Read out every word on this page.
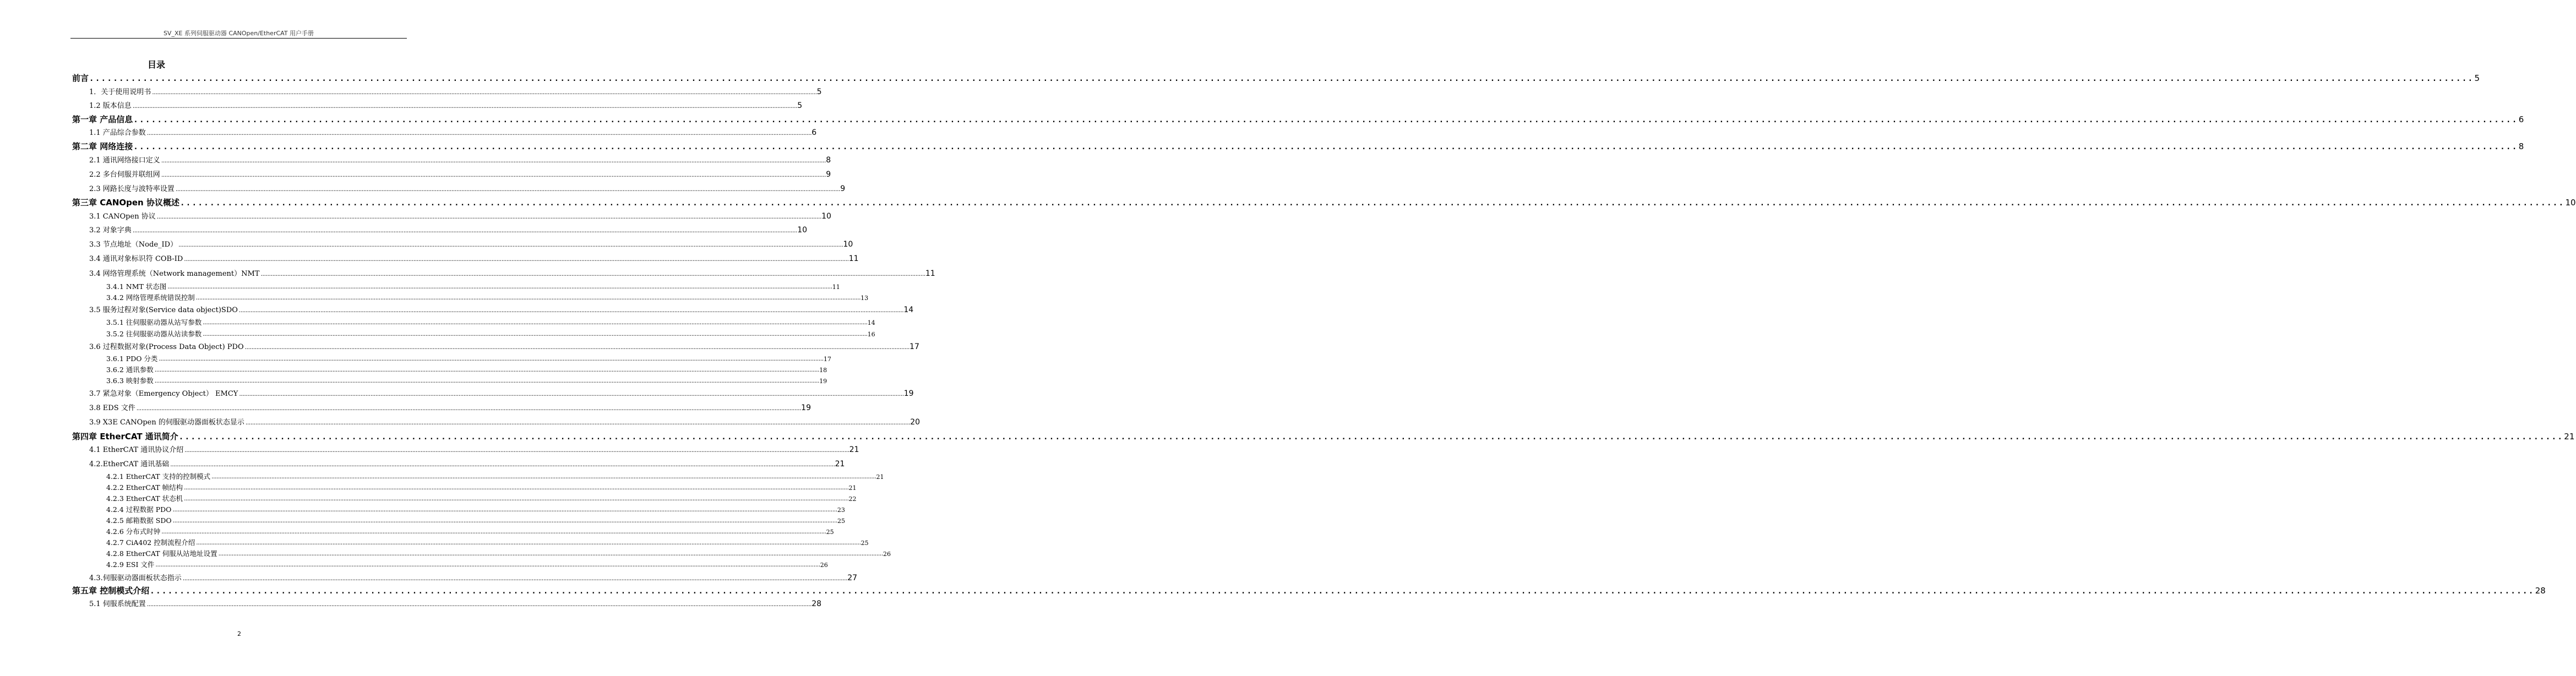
SV_XE 系列伺服驱动器 CANOpen/EtherCAT 用户手册
目录
前言 ................................................................................................................................................................................................................................................................................................................................................................................................................ 5
1．关于使用说明书 ................................................................................................................................................................................................................................................................................................................................................................................................................ 5
1.2 版本信息 ................................................................................................................................................................................................................................................................................................................................................................................................................ 5
第一章 产品信息 ................................................................................................................................................................................................................................................................................................................................................................................................................ 6
1.1 产品综合参数 ................................................................................................................................................................................................................................................................................................................................................................................................................ 6
第二章 网络连接 ................................................................................................................................................................................................................................................................................................................................................................................................................ 8
2.1 通讯网络接口定义 ................................................................................................................................................................................................................................................................................................................................................................................................................ 8
2.2 多台伺服并联组网 ................................................................................................................................................................................................................................................................................................................................................................................................................ 9
2.3 网路长度与波特率设置 ................................................................................................................................................................................................................................................................................................................................................................................................................ 9
第三章 CANOpen 协议概述 ................................................................................................................................................................................................................................................................................................................................................................................................................ 10
3.1 CANOpen 协议 ................................................................................................................................................................................................................................................................................................................................................................................................................ 10
3.2 对象字典 ................................................................................................................................................................................................................................................................................................................................................................................................................ 10
3.3 节点地址（Node_ID） ................................................................................................................................................................................................................................................................................................................................................................................................................ 10
3.4 通讯对象标识符 COB-ID ................................................................................................................................................................................................................................................................................................................................................................................................................ 11
3.4 网络管理系统（Network management）NMT ................................................................................................................................................................................................................................................................................................................................................................................................................ 11
3.4.1 NMT 状态图 ................................................................................................................................................................................................................................................................................................................................................................................................................ 11
3.4.2 网络管理系统错误控制 ................................................................................................................................................................................................................................................................................................................................................................................................................ 13
3.5 服务过程对象(Service data object)SDO ................................................................................................................................................................................................................................................................................................................................................................................................................ 14
3.5.1 往伺服驱动器从站写参数 ................................................................................................................................................................................................................................................................................................................................................................................................................ 14
3.5.2 往伺服驱动器从站读参数 ................................................................................................................................................................................................................................................................................................................................................................................................................ 16
3.6 过程数据对象(Process Data Object) PDO ................................................................................................................................................................................................................................................................................................................................................................................................................ 17
3.6.1 PDO 分类 ................................................................................................................................................................................................................................................................................................................................................................................................................ 17
3.6.2 通讯参数 ................................................................................................................................................................................................................................................................................................................................................................................................................ 18
3.6.3 映射参数 ................................................................................................................................................................................................................................................................................................................................................................................................................ 19
3.7 紧急对象（Emergency Object） EMCY ................................................................................................................................................................................................................................................................................................................................................................................................................ 19
3.8 EDS 文件 ................................................................................................................................................................................................................................................................................................................................................................................................................ 19
3.9 X3E CANOpen 的伺服驱动器面板状态显示 ................................................................................................................................................................................................................................................................................................................................................................................................................ 20
第四章 EtherCAT 通讯简介 ................................................................................................................................................................................................................................................................................................................................................................................................................ 21
4.1 EtherCAT 通讯协议介绍 ................................................................................................................................................................................................................................................................................................................................................................................................................ 21
4.2.EtherCAT 通讯基础 ................................................................................................................................................................................................................................................................................................................................................................................................................ 21
4.2.1 EtherCAT 支持的控制模式 ................................................................................................................................................................................................................................................................................................................................................................................................................ 21
4.2.2 EtherCAT 帧结构 ................................................................................................................................................................................................................................................................................................................................................................................................................ 21
4.2.3 EtherCAT 状态机 ................................................................................................................................................................................................................................................................................................................................................................................................................ 22
4.2.4 过程数据 PDO ................................................................................................................................................................................................................................................................................................................................................................................................................ 23
4.2.5 邮箱数据 SDO ................................................................................................................................................................................................................................................................................................................................................................................................................ 25
4.2.6 分布式时钟 ................................................................................................................................................................................................................................................................................................................................................................................................................ 25
4.2.7 CiA402 控制流程介绍 ................................................................................................................................................................................................................................................................................................................................................................................................................ 25
4.2.8 EtherCAT 伺服从站地址设置 ................................................................................................................................................................................................................................................................................................................................................................................................................ 26
4.2.9 ESI 文件 ................................................................................................................................................................................................................................................................................................................................................................................................................ 26
4.3.伺服驱动器面板状态指示 ................................................................................................................................................................................................................................................................................................................................................................................................................ 27
第五章 控制模式介绍 ................................................................................................................................................................................................................................................................................................................................................................................................................ 28
5.1 伺服系统配置 ................................................................................................................................................................................................................................................................................................................................................................................................................ 28
2
